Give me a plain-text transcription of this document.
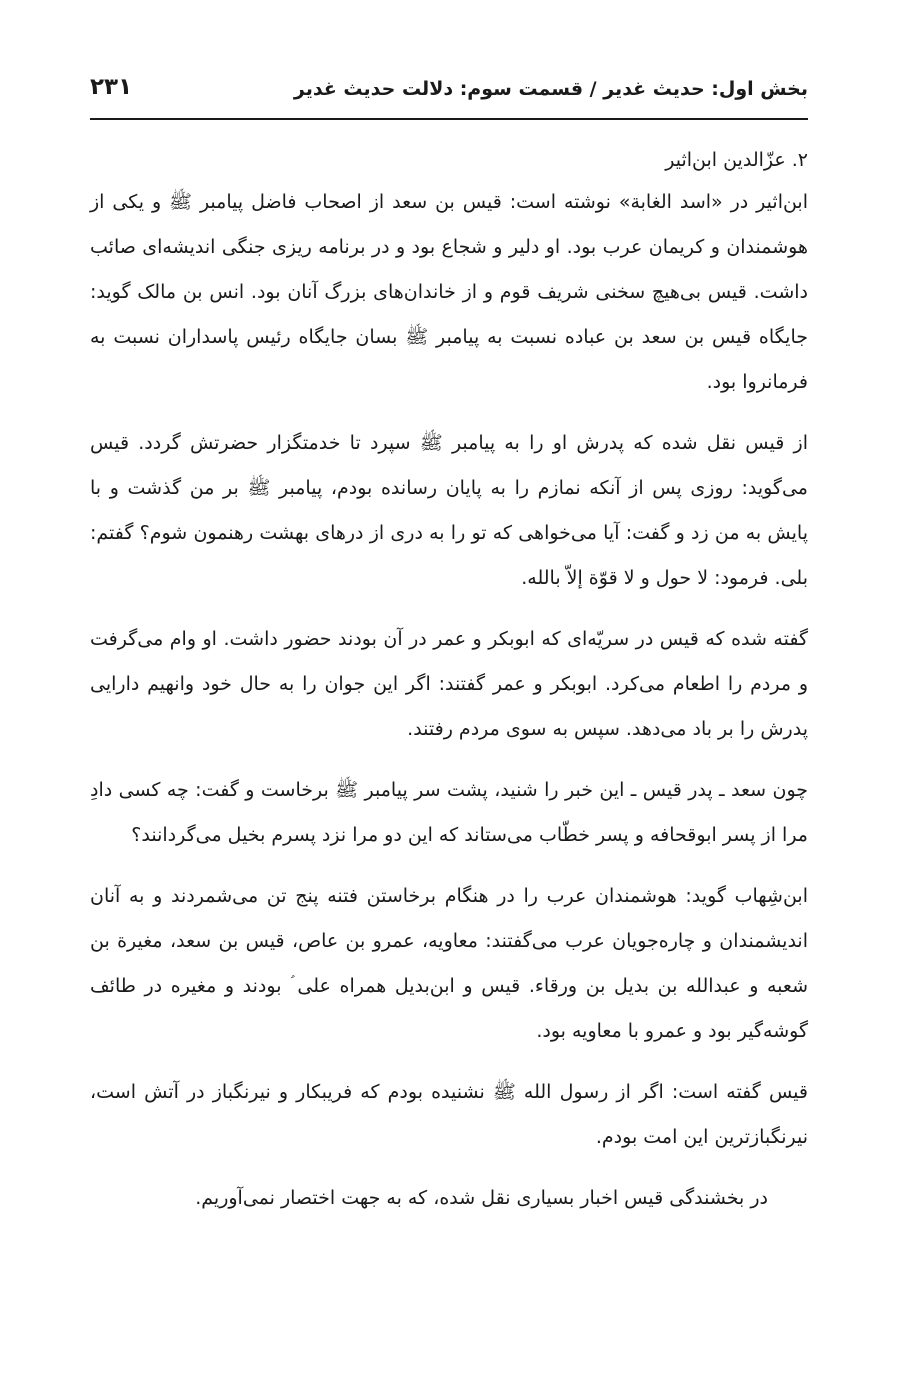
بخش اول: حدیث غدیر / قسمت سوم: دلالت حدیث غدیر
۲۳۱
۲. عزّالدین ابن‌اثیر

ابن‌اثیر در «اسد الغابة» نوشته است: قیس بن سعد از اصحاب فاضل پیامبر ﷺ و یکی از هوشمندان و کریمان عرب بود. او دلیر و شجاع بود و در برنامه ریزی جنگی اندیشه‌ای صائب داشت. قیس بی‌هیچ سخنی شریف قوم و از خاندان‌های بزرگ آنان بود. انس بن مالک گوید: جایگاه قیس بن سعد بن عباده نسبت به پیامبر ﷺ بسان جایگاه رئیس پاسداران نسبت به فرمانروا بود.

از قیس نقل شده که پدرش او را به پیامبر ﷺ سپرد تا خدمتگزار حضرتش گردد. قیس می‌گوید: روزی پس از آنکه نمازم را به پایان رسانده بودم، پیامبر ﷺ بر من گذشت و با پایش به من زد و گفت: آیا می‌خواهی که تو را به دری از درهای بهشت رهنمون شوم؟ گفتم: بلی. فرمود: لا حول و لا قوّة إلاّ بالله.

گفته شده که قیس در سریّه‌ای که ابوبکر و عمر در آن بودند حضور داشت. او وام می‌گرفت و مردم را اطعام می‌کرد. ابوبکر و عمر گفتند: اگر این جوان را به حال خود وانهیم دارایی پدرش را بر باد می‌دهد. سپس به سوی مردم رفتند.

چون سعد ـ پدر قیس ـ این خبر را شنید، پشت سر پیامبر ﷺ برخاست و گفت: چه کسی دادِ مرا از پسر ابوقحافه و پسر خطّاب می‌ستاند که این دو مرا نزد پسرم بخیل می‌گردانند؟

ابن‌شِهاب گوید: هوشمندان عرب را در هنگام برخاستن فتنه پنج تن می‌شمردند و به آنان اندیشمندان و چاره‌جویان عرب می‌گفتند: معاویه، عمرو بن عاص، قیس بن سعد، مغیرة بن شعبه و عبدالله بن بدیل بن ورقاء. قیس و ابن‌بدیل همراه علی ؑ بودند و مغیره در طائف گوشه‌گیر بود و عمرو با معاویه بود.

قیس گفته است: اگر از رسول الله ﷺ نشنیده بودم که فریبکار و نیرنگباز در آتش است، نیرنگبازترین این امت بودم.

در بخشندگی قیس اخبار بسیاری نقل شده، که به جهت اختصار نمی‌آوریم.
